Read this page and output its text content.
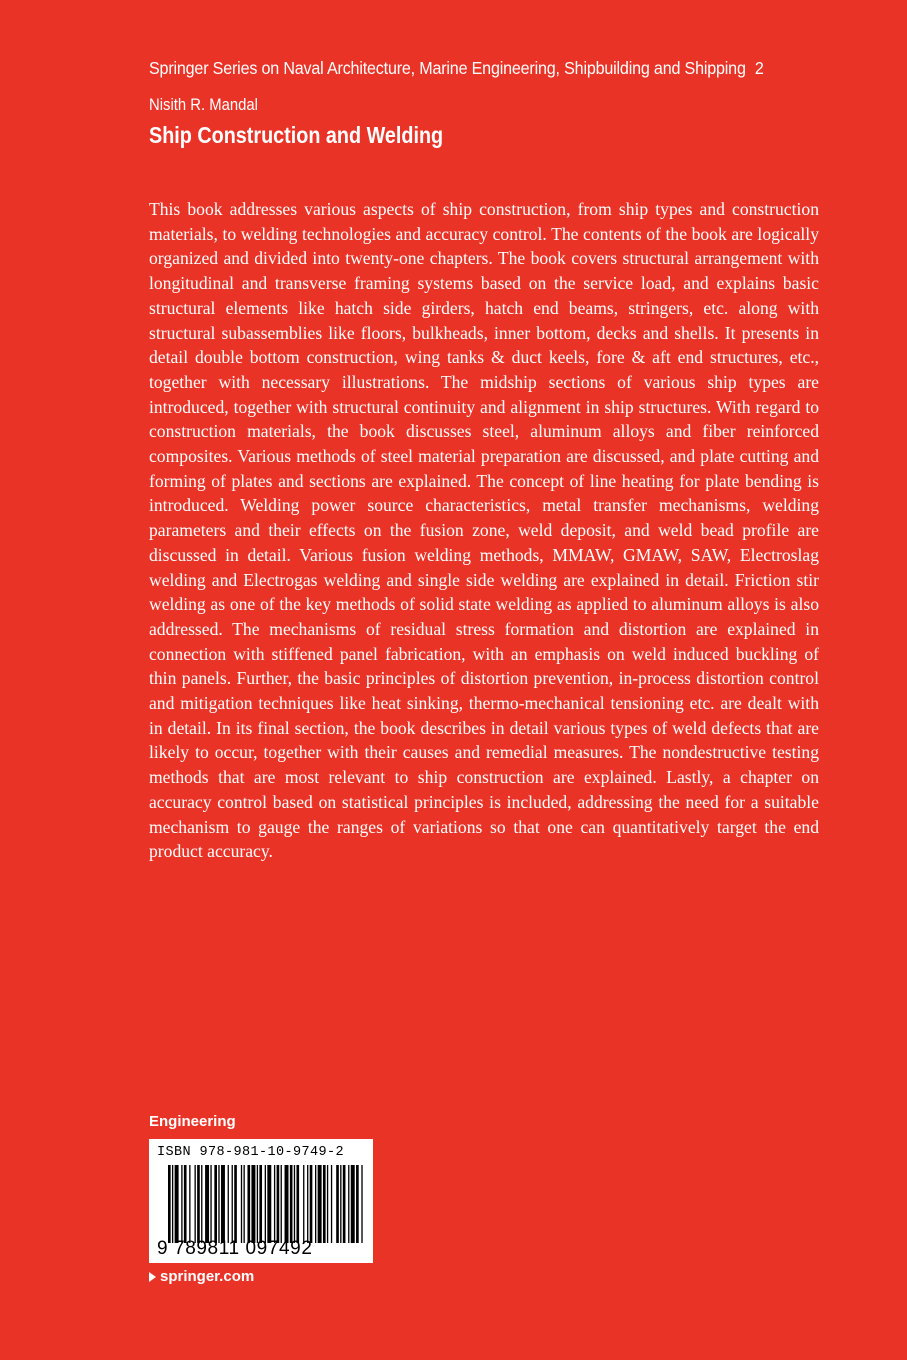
Springer Series on Naval Architecture, Marine Engineering, Shipbuilding and Shipping 2
Nisith R. Mandal
Ship Construction and Welding

This book addresses various aspects of ship construction, from ship types and construction materials, to welding technologies and accuracy control. The contents of the book are logically organized and divided into twenty-one chapters. The book covers structural arrangement with longitudinal and transverse framing systems based on the service load, and explains basic structural elements like hatch side girders, hatch end beams, stringers, etc. along with structural subassemblies like floors, bulkheads, inner bottom, decks and shells. It presents in detail double bottom construction, wing tanks & duct keels, fore & aft end structures, etc., together with necessary illustrations. The midship sections of various ship types are introduced, together with structural continuity and alignment in ship structures. With regard to construction materials, the book discusses steel, aluminum alloys and fiber reinforced composites. Various methods of steel material preparation are discussed, and plate cutting and forming of plates and sections are explained. The concept of line heating for plate bending is introduced. Welding power source characteristics, metal transfer mechanisms, welding parameters and their effects on the fusion zone, weld deposit, and weld bead profile are discussed in detail. Various fusion welding methods, MMAW, GMAW, SAW, Electroslag welding and Electrogas welding and single side welding are explained in detail. Friction stir welding as one of the key methods of solid state welding as applied to aluminum alloys is also addressed. The mechanisms of residual stress formation and distortion are explained in connection with stiffened panel fabrication, with an emphasis on weld induced buckling of thin panels. Further, the basic principles of distortion prevention, in-process distortion control and mitigation techniques like heat sinking, thermo-mechanical tensioning etc. are dealt with in detail. In its final section, the book describes in detail various types of weld defects that are likely to occur, together with their causes and remedial measures. The nondestructive testing methods that are most relevant to ship construction are explained. Lastly, a chapter on accuracy control based on statistical principles is included, addressing the need for a suitable mechanism to gauge the ranges of variations so that one can quantitatively target the end product accuracy.

Engineering
ISBN 978-981-10-9749-2
9 789811 097492
springer.com
